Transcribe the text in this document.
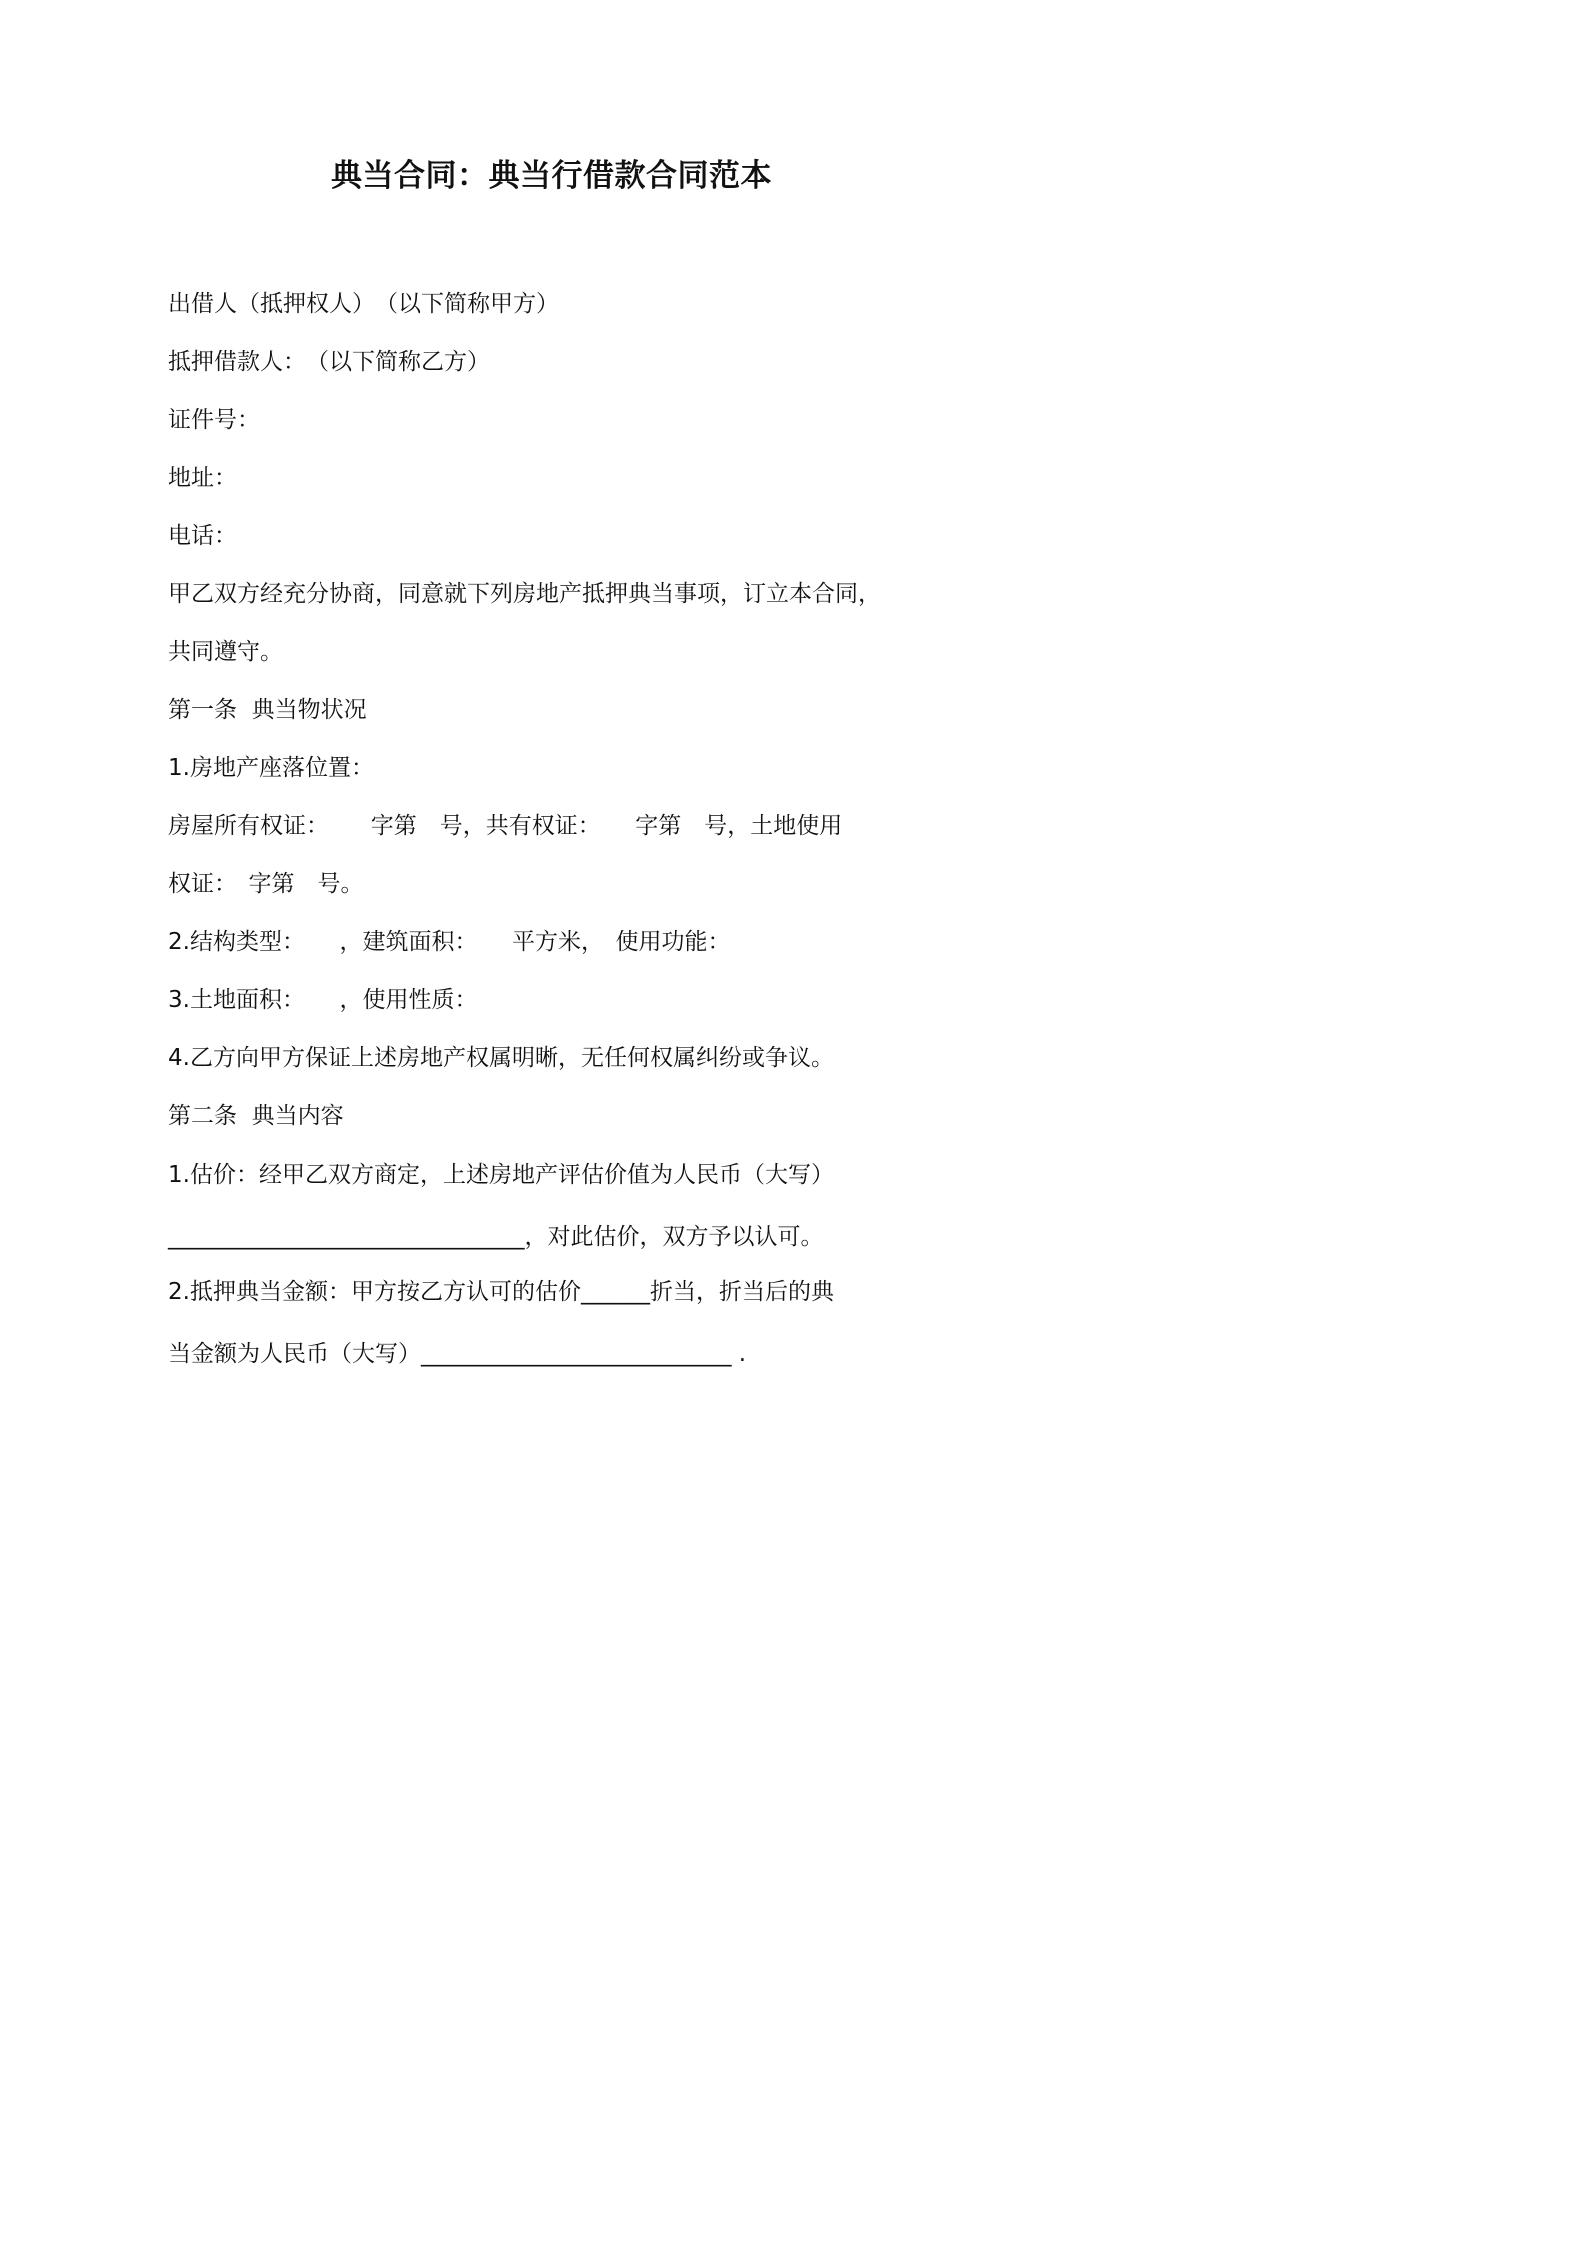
典当合同：典当行借款合同范本
出借人（抵押权人）　（以下简称甲方）
抵押借款人：　（以下简称乙方）
证件号：
地址：
电话：
甲乙双方经充分协商，同意就下列房地产抵押典当事项，订立本合同，
共同遵守。
第一条  典当物状况
1.房地产座落位置：
房屋所有权证：　　 字第　号，共有权证：　　字第　号，土地使用
权证：　字第　号。
2.结构类型：　　，建筑面积：　　平方米，　使用功能：
3.土地面积：　　，使用性质：
4.乙方向甲方保证上述房地产权属明晰，无任何权属纠纷或争议。
第二条  典当内容
1.估价：经甲乙双方商定，上述房地产评估价值为人民币（大写）
_______________________________，对此估价，双方予以认可。
2.抵押典当金额：甲方按乙方认可的估价______折当，折当后的典
当金额为人民币（大写）___________________________ .
